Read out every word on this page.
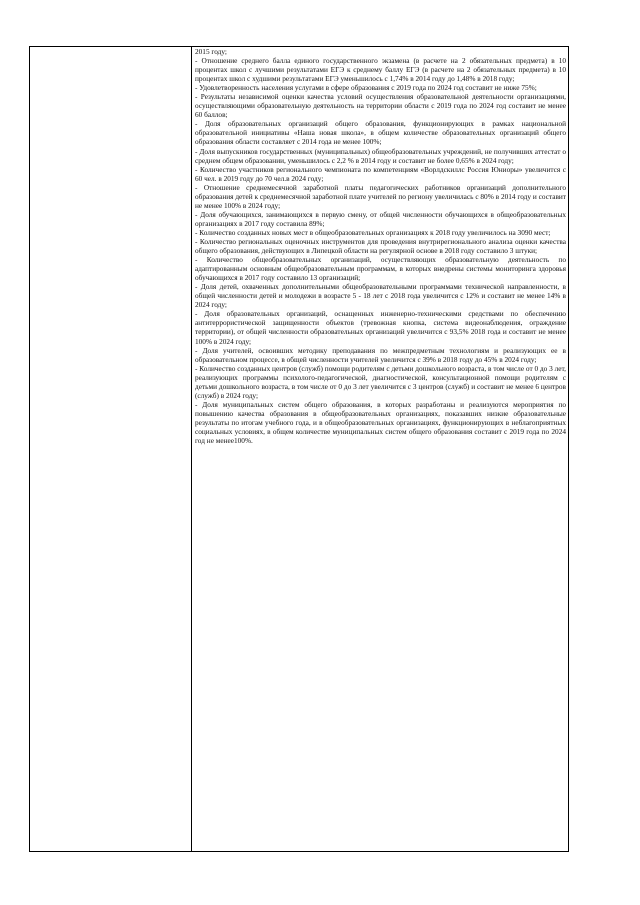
2015 году;

- Отношение среднего балла единого государственного экзамена (в расчете на 2 обязательных предмета) в 10 процентах школ с лучшими результатами ЕГЭ к среднему баллу ЕГЭ (в расчете на 2 обязательных предмета) в 10 процентах школ с худшими результатами ЕГЭ уменьшилось с 1,74% в 2014 году до 1,48% в 2018 году;

- Удовлетворенность населения услугами в сфере образования с 2019 года по 2024 год составит не ниже 75%;

- Результаты независимой оценки качества условий осуществления образовательной деятельности организациями, осуществляющими образовательную деятельность на территории области с 2019 года по 2024 год составит не менее 60 баллов;

- Доля образовательных организаций общего образования, функционирующих в рамках национальной образовательной инициативы «Наша новая школа», в общем количестве образовательных организаций общего образования области составляет с 2014 года не менее 100%;

- Доля выпускников государственных (муниципальных) общеобразовательных учреждений, не получивших аттестат о среднем общем образовании, уменьшилось с 2,2 % в 2014 году и составит не более 0,65% в 2024 году;

- Количество участников регионального чемпионата по компетенциям «Ворлдскиллс Россия Юниоры» увеличится с 60 чел. в 2019 году до 70 чел.в 2024 году;

- Отношение среднемесячной заработной платы педагогических работников организаций дополнительного образования детей к среднемесячной заработной плате учителей по региону увеличилась с 80% в 2014 году и составит не менее 100% в 2024 году;

- Доля обучающихся, занимающихся в первую смену, от общей численности обучающихся в общеобразовательных организациях в 2017 году составила 89%;

- Количество созданных новых мест в общеобразовательных организациях к 2018 году увеличилось на 3090 мест;

- Количество региональных оценочных инструментов для проведения внутрирегионального анализа оценки качества общего образования, действующих в Липецкой области на регулярной основе в 2018 году составило 3 штуки;

- Количество общеобразовательных организаций, осуществляющих образовательную деятельность по адаптированным основным общеобразовательным программам, в которых внедрены системы мониторинга здоровья обучающихся в 2017 году составило 13 организаций;

- Доля детей, охваченных дополнительными общеобразовательными программами технической направленности, в общей численности детей и молодежи в возрасте 5 - 18 лет с 2018 года увеличится с 12% и составит не менее 14% в 2024 году;

- Доля образовательных организаций, оснащенных инженерно-техническими средствами по обеспечению антитеррористической защищенности объектов (тревожная кнопка, система видеонаблюдения, ограждение территории), от общей численности образовательных организаций увеличится с 93,5% 2018 года и составит не менее 100% в 2024 году;

- Доля учителей, освоивших методику преподавания по межпредметным технологиям и реализующих ее в образовательном процессе, в общей численности учителей увеличится с 39% в 2018 году до 45% в 2024 году;

- Количество созданных центров (служб) помощи родителям с детьми дошкольного возраста, в том числе от 0 до 3 лет, реализующих программы психолого-педагогической, диагностической, консультационной помощи родителям с детьми дошкольного возраста, в том числе от 0 до 3 лет увеличится с 3 центров (служб) и составит не менее 6 центров (служб) в 2024 году;

- Доля муниципальных систем общего образования, в которых разработаны и реализуются мероприятия по повышению качества образования в общеобразовательных организациях, показавших низкие образовательные результаты по итогам учебного года, и в общеобразовательных организациях, функционирующих в неблагоприятных социальных условиях, в общем количестве муниципальных систем общего образования составит с 2019 года по 2024 год не менее100%.
